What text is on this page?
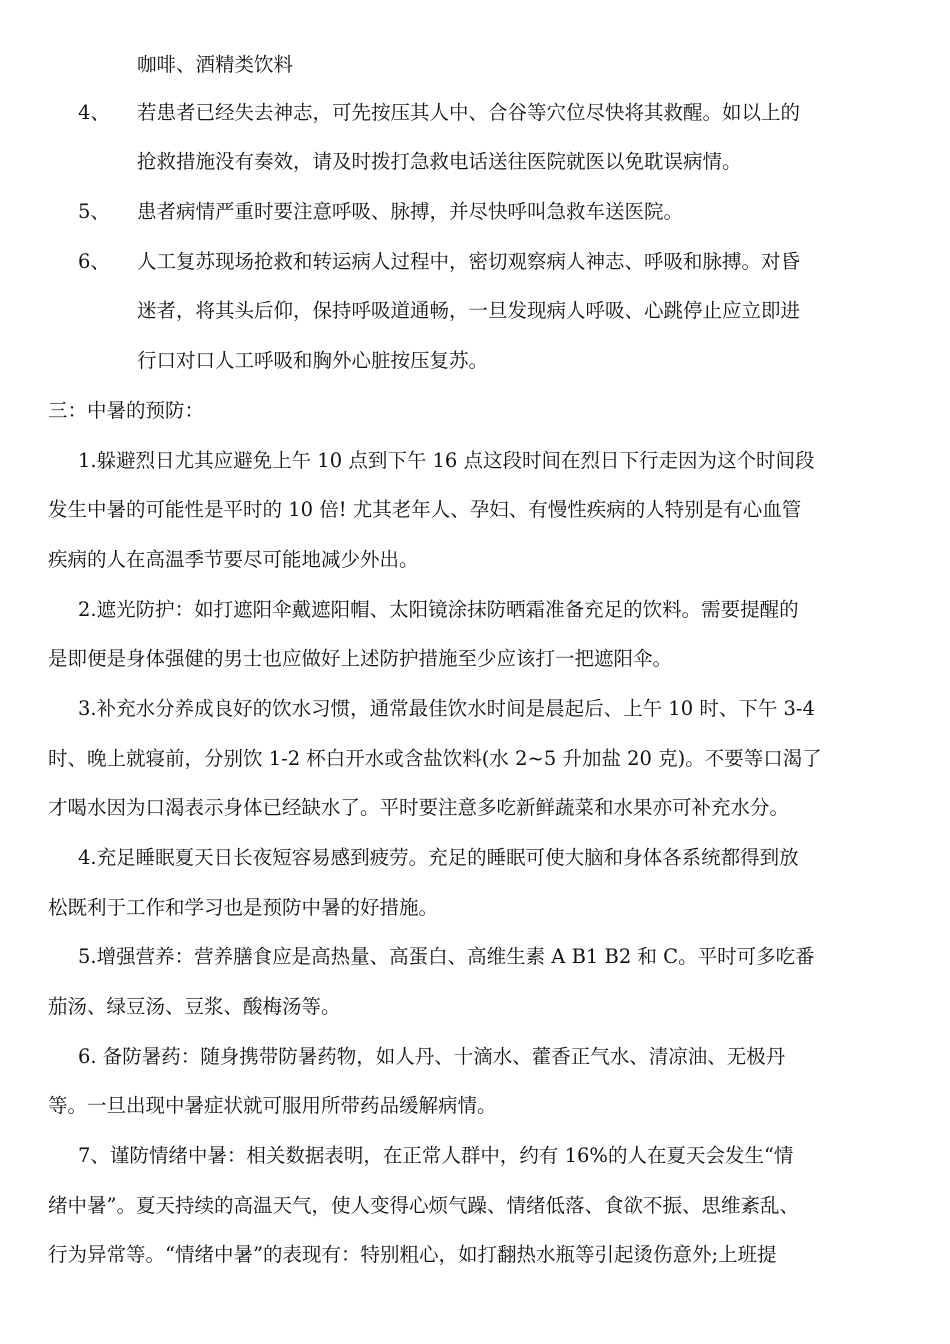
咖啡、酒精类饮料
4、 若患者已经失去神志，可先按压其人中、合谷等穴位尽快将其救醒。如以上的
抢救措施没有奏效，请及时拨打急救电话送往医院就医以免耽误病情。
5、 患者病情严重时要注意呼吸、脉搏，并尽快呼叫急救车送医院。
6、 人工复苏现场抢救和转运病人过程中，密切观察病人神志、呼吸和脉搏。对昏
迷者，将其头后仰，保持呼吸道通畅，一旦发现病人呼吸、心跳停止应立即进
行口对口人工呼吸和胸外心脏按压复苏。
三：中暑的预防：
1.躲避烈日尤其应避免上午 10 点到下午 16 点这段时间在烈日下行走因为这个时间段
发生中暑的可能性是平时的 10 倍! 尤其老年人、孕妇、有慢性疾病的人特别是有心血管
疾病的人在高温季节要尽可能地减少外出。
2.遮光防护：如打遮阳伞戴遮阳帽、太阳镜涂抹防晒霜准备充足的饮料。需要提醒的
是即便是身体强健的男士也应做好上述防护措施至少应该打一把遮阳伞。
3.补充水分养成良好的饮水习惯，通常最佳饮水时间是晨起后、上午 10 时、下午 3-4
时、晚上就寝前，分别饮 1-2 杯白开水或含盐饮料(水 2~5 升加盐 20 克)。不要等口渴了
才喝水因为口渴表示身体已经缺水了。平时要注意多吃新鲜蔬菜和水果亦可补充水分。
4.充足睡眠夏天日长夜短容易感到疲劳。充足的睡眠可使大脑和身体各系统都得到放
松既利于工作和学习也是预防中暑的好措施。
5.增强营养：营养膳食应是高热量、高蛋白、高维生素 A B1 B2 和 C。平时可多吃番
茄汤、绿豆汤、豆浆、酸梅汤等。
6. 备防暑药：随身携带防暑药物，如人丹、十滴水、藿香正气水、清凉油、无极丹
等。一旦出现中暑症状就可服用所带药品缓解病情。
7、谨防情绪中暑：相关数据表明，在正常人群中，约有 16%的人在夏天会发生“情
绪中暑”。夏天持续的高温天气，使人变得心烦气躁、情绪低落、食欲不振、思维紊乱、
行为异常等。“情绪中暑”的表现有：特别粗心，如打翻热水瓶等引起烫伤意外;上班提
